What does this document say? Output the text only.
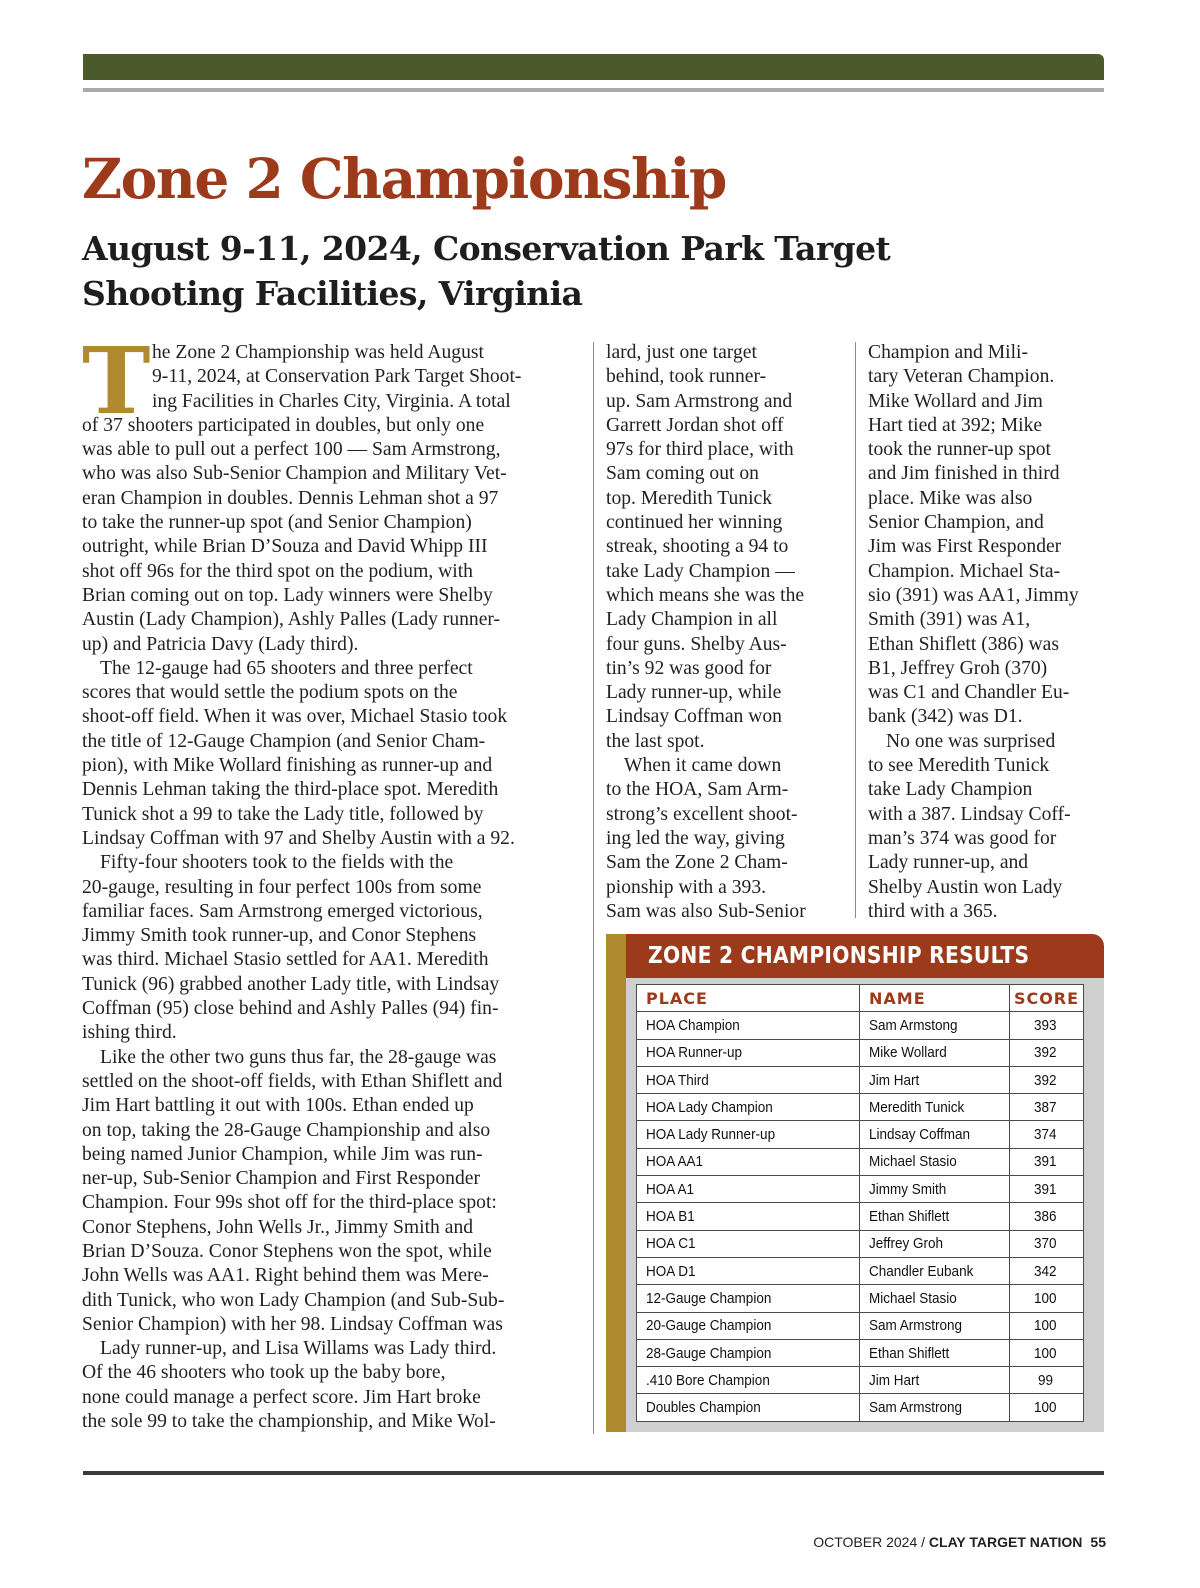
Zone 2 Championship
August 9-11, 2024, Conservation Park Target Shooting Facilities, Virginia
T he Zone 2 Championship was held August

9-11, 2024, at Conservation Park Target Shoot-

ing Facilities in Charles City, Virginia. A total

of 37 shooters participated in doubles, but only one

was able to pull out a perfect 100 — Sam Armstrong,

who was also Sub-Senior Champion and Military Vet-

eran Champion in doubles. Dennis Lehman shot a 97

to take the runner-up spot (and Senior Champion)

outright, while Brian D’Souza and David Whipp III

shot off 96s for the third spot on the podium, with

Brian coming out on top. Lady winners were Shelby

Austin (Lady Champion), Ashly Palles (Lady runner-

up) and Patricia Davy (Lady third).

The 12-gauge had 65 shooters and three perfect

scores that would settle the podium spots on the

shoot-off field. When it was over, Michael Stasio took

the title of 12-Gauge Champion (and Senior Cham-

pion), with Mike Wollard finishing as runner-up and

Dennis Lehman taking the third-place spot. Meredith

Tunick shot a 99 to take the Lady title, followed by

Lindsay Coffman with 97 and Shelby Austin with a 92.

Fifty-four shooters took to the fields with the

20-gauge, resulting in four perfect 100s from some

familiar faces. Sam Armstrong emerged victorious,

Jimmy Smith took runner-up, and Conor Stephens

was third. Michael Stasio settled for AA1. Meredith

Tunick (96) grabbed another Lady title, with Lindsay

Coffman (95) close behind and Ashly Palles (94) fin-

ishing third.

Like the other two guns thus far, the 28-gauge was

settled on the shoot-off fields, with Ethan Shiflett and

Jim Hart battling it out with 100s. Ethan ended up

on top, taking the 28-Gauge Championship and also

being named Junior Champion, while Jim was run-

ner-up, Sub-Senior Champion and First Responder

Champion. Four 99s shot off for the third-place spot:

Conor Stephens, John Wells Jr., Jimmy Smith and

Brian D’Souza. Conor Stephens won the spot, while

John Wells was AA1. Right behind them was Mere-

dith Tunick, who won Lady Champion (and Sub-Sub-

Senior Champion) with her 98. Lindsay Coffman was

Lady runner-up, and Lisa Willams was Lady third.

Of the 46 shooters who took up the baby bore,

none could manage a perfect score. Jim Hart broke

the sole 99 to take the championship, and Mike Wol-

lard, just one target

behind, took runner-

up. Sam Armstrong and

Garrett Jordan shot off

97s for third place, with

Sam coming out on

top. Meredith Tunick

continued her winning

streak, shooting a 94 to

take Lady Champion —

which means she was the

Lady Champion in all

four guns. Shelby Aus-

tin’s 92 was good for

Lady runner-up, while

Lindsay Coffman won

the last spot.

When it came down

to the HOA, Sam Arm-

strong’s excellent shoot-

ing led the way, giving

Sam the Zone 2 Cham-

pionship with a 393.

Sam was also Sub-Senior

Champion and Mili-

tary Veteran Champion.

Mike Wollard and Jim

Hart tied at 392; Mike

took the runner-up spot

and Jim finished in third

place. Mike was also

Senior Champion, and

Jim was First Responder

Champion. Michael Sta-

sio (391) was AA1, Jimmy

Smith (391) was A1,

Ethan Shiflett (386) was

B1, Jeffrey Groh (370)

was C1 and Chandler Eu-

bank (342) was D1.

No one was surprised

to see Meredith Tunick

take Lady Champion

with a 387. Lindsay Coff-

man’s 374 was good for

Lady runner-up, and

Shelby Austin won Lady

third with a 365.

ZONE 2 CHAMPIONSHIP RESULTS
PLACE	NAME	SCORE
HOA Champion	Sam Armstong	393
HOA Runner-up	Mike Wollard	392
HOA Third	Jim Hart	392
HOA Lady Champion	Meredith Tunick	387
HOA Lady Runner-up	Lindsay Coffman	374
HOA AA1	Michael Stasio	391
HOA A1	Jimmy Smith	391
HOA B1	Ethan Shiflett	386
HOA C1	Jeffrey Groh	370
HOA D1	Chandler Eubank	342
12-Gauge Champion	Michael Stasio	100
20-Gauge Champion	Sam Armstrong	100
28-Gauge Champion	Ethan Shiflett	100
.410 Bore Champion	Jim Hart	99
Doubles Champion	Sam Armstrong	100
OCTOBER 2024 / CLAY TARGET NATION 55
